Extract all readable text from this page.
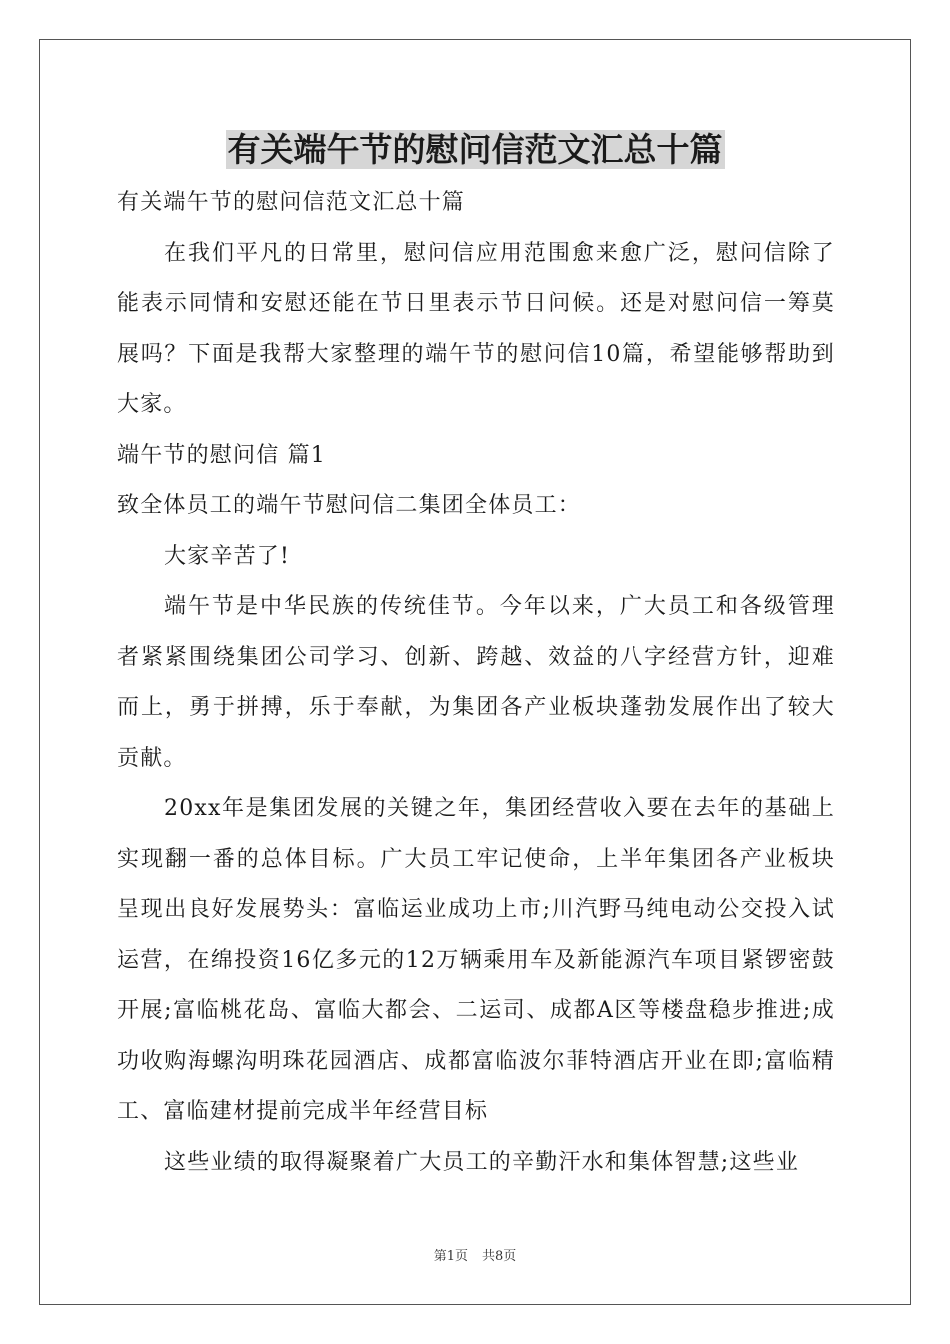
有关端午节的慰问信范文汇总十篇

有关端午节的慰问信范文汇总十篇

在我们平凡的日常里，慰问信应用范围愈来愈广泛，慰问信除了能表示同情和安慰还能在节日里表示节日问候。还是对慰问信一筹莫展吗？下面是我帮大家整理的端午节的慰问信10篇，希望能够帮助到大家。

端午节的慰问信 篇1

致全体员工的端午节慰问信二集团全体员工：

大家辛苦了!

端午节是中华民族的传统佳节。今年以来，广大员工和各级管理者紧紧围绕集团公司学习、创新、跨越、效益的八字经营方针，迎难而上，勇于拼搏，乐于奉献，为集团各产业板块蓬勃发展作出了较大贡献。

20xx年是集团发展的关键之年，集团经营收入要在去年的基础上实现翻一番的总体目标。广大员工牢记使命，上半年集团各产业板块呈现出良好发展势头：富临运业成功上市;川汽野马纯电动公交投入试运营，在绵投资16亿多元的12万辆乘用车及新能源汽车项目紧锣密鼓开展;富临桃花岛、富临大都会、二运司、成都A区等楼盘稳步推进;成功收购海螺沟明珠花园酒店、成都富临波尔菲特酒店开业在即;富临精工、富临建材提前完成半年经营目标

这些业绩的取得凝聚着广大员工的辛勤汗水和集体智慧;这些业

第1页 共8页
